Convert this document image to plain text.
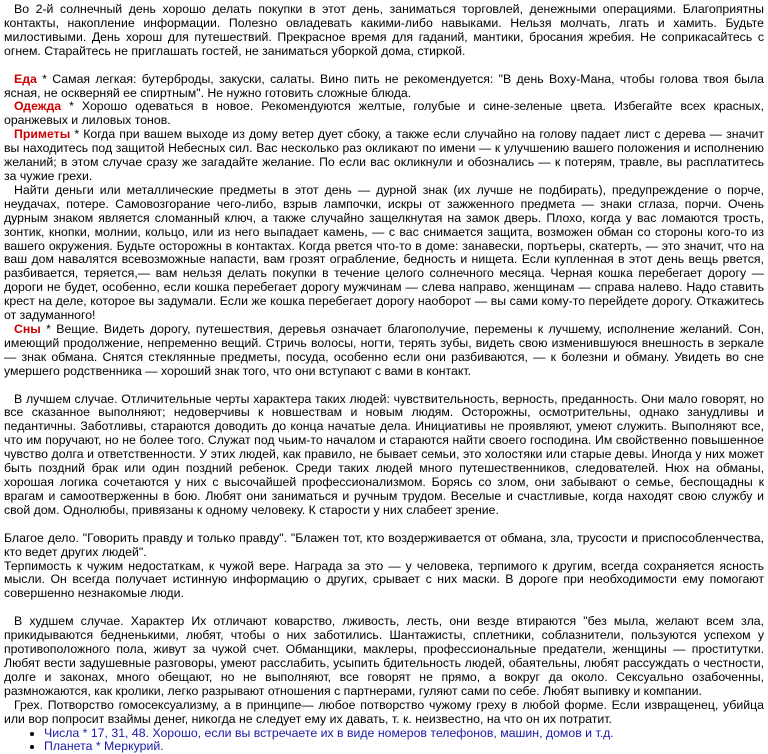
Во 2-й солнечный день хорошо делать покупки в этот день, заниматься торговлей, денежными операциями. Благоприятны контакты, накопление информации. Полезно овладевать какими-либо навыками. Нельзя молчать, лгать и хамить. Будьте милостивыми. День хорош для путешествий. Прекрасное время для гаданий, мантики, бросания жребия. Не соприкасайтесь с огнем. Старайтесь не приглашать гостей, не заниматься уборкой дома, стиркой.

Еда * Самая легкая: бутерброды, закуски, салаты. Вино пить не рекомендуется: "В день Воху-Мана, чтобы голова твоя была ясная, не оскверняй ее спиртным". Не нужно готовить сложные блюда.

Одежда * Хорошо одеваться в новое. Рекомендуются желтые, голубые и сине-зеленые цвета. Избегайте всех красных, оранжевых и лиловых тонов.

Приметы * Когда при вашем выходе из дому ветер дует сбоку, а также если случайно на голову падает лист с дерева — значит вы находитесь под защитой Небесных сил. Вас несколько раз окликают по имени — к улучшению вашего положения и исполнению желаний; в этом случае сразу же загадайте желание. По если вас окликнули и обознались — к потерям, травле, вы расплатитесь за чужие грехи.

Найти деньги или металлические предметы в этот день — дурной знак (их лучше не подбирать), предупреждение о порче, неудачах, потере. Самовозгорание чего-либо, взрыв лампочки, искры от зажженного предмета — знаки сглаза, порчи. Очень дурным знаком является сломанный ключ, а также случайно защелкнутая на замок дверь. Плохо, когда у вас ломаются трость, зонтик, кнопки, молнии, кольцо, или из него выпадает камень, — с вас снимается защита, возможен обман со стороны кого-то из вашего окружения. Будьте осторожны в контактах. Когда рвется что-то в доме: занавески, портьеры, скатерть, — это значит, что на ваш дом навалятся всевозможные напасти, вам грозят ограбление, бедность и нищета. Если купленная в этот день вещь рвется, разбивается, теряется,— вам нельзя делать покупки в течение целого солнечного месяца. Черная кошка перебегает дорогу — дороги не будет, особенно, если кошка перебегает дорогу мужчинам — слева направо, женщинам — справа налево. Надо ставить крест на деле, которое вы задумали. Если же кошка перебегает дорогу наоборот — вы сами кому-то перейдете дорогу. Откажитесь от задуманного!

Сны * Вещие. Видеть дорогу, путешествия, деревья означает благополучие, перемены к лучшему, исполнение желаний. Сон, имеющий продолжение, непременно вещий. Стричь волосы, ногти, терять зубы, видеть свою изменившуюся внешность в зеркале — знак обмана. Снятся стеклянные предметы, посуда, особенно если они разбиваются, — к болезни и обману. Увидеть во сне умершего родственника — хороший знак того, что они вступают с вами в контакт.

В лучшем случае. Отличительные черты характера таких людей: чувствительность, верность, преданность. Они мало говорят, но все сказанное выполняют; недоверчивы к новшествам и новым людям. Осторожны, осмотрительны, однако занудливы и педантичны. Заботливы, стараются доводить до конца начатые дела. Инициативы не проявляют, умеют служить. Выполняют все, что им поручают, но не более того. Служат под чьим-то началом и стараются найти своего господина. Им свойственно повышенное чувство долга и ответственности. У этих людей, как правило, не бывает семьи, это холостяки или старые девы. Иногда у них может быть поздний брак или один поздний ребенок. Среди таких людей много путешественников, следователей. Нюх на обманы, хорошая логика сочетаются у них с высочайшей профессионализмом. Борясь со злом, они забывают о семье, беспощадны к врагам и самоотверженны в бою. Любят они заниматься и ручным трудом. Веселые и счастливые, когда находят свою службу и свой дом. Однолюбы, привязаны к одному человеку. К старости у них слабеет зрение.

Благое дело. "Говорить правду и только правду". "Блажен тот, кто воздерживается от обмана, зла, трусости и приспособленчества, кто ведет других людей".

Терпимость к чужим недостаткам, к чужой вере. Награда за это — у человека, терпимого к другим, всегда сохраняется ясность мысли. Он всегда получает истинную информацию о других, срывает с них маски. В дороге при необходимости ему помогают совершенно незнакомые люди.

В худшем случае. Характер Их отличают коварство, лживость, лесть, они везде втираются "без мыла, желают всем зла, прикидываются бедненькими, любят, чтобы о них заботились. Шантажисты, сплетники, соблазнители, пользуются успехом у противоположного пола, живут за чужой счет. Обманщики, маклеры, профессиональные предатели, женщины — проститутки. Любят вести задушевные разговоры, умеют расслабить, усыпить бдительность людей, обаятельны, любят рассуждать о честности, долге и законах, много обещают, но не выполняют, все говорят не прямо, а вокруг да около. Сексуально озабоченны, размножаются, как кролики, легко разрывают отношения с партнерами, гуляют сами по себе. Любят выпивку и компании.

Грех. Потворство гомосексуализму, а в принципе— любое потворство чужому греху в любой форме. Если извращенец, убийца или вор попросит взаймы денег, никогда не следует ему их давать, т. к. неизвестно, на что он их потратит.

• Числа * 17, 31, 48. Хорошо, если вы встречаете их в виде номеров телефонов, машин, домов и т.д.
• Планета * Меркурий.
